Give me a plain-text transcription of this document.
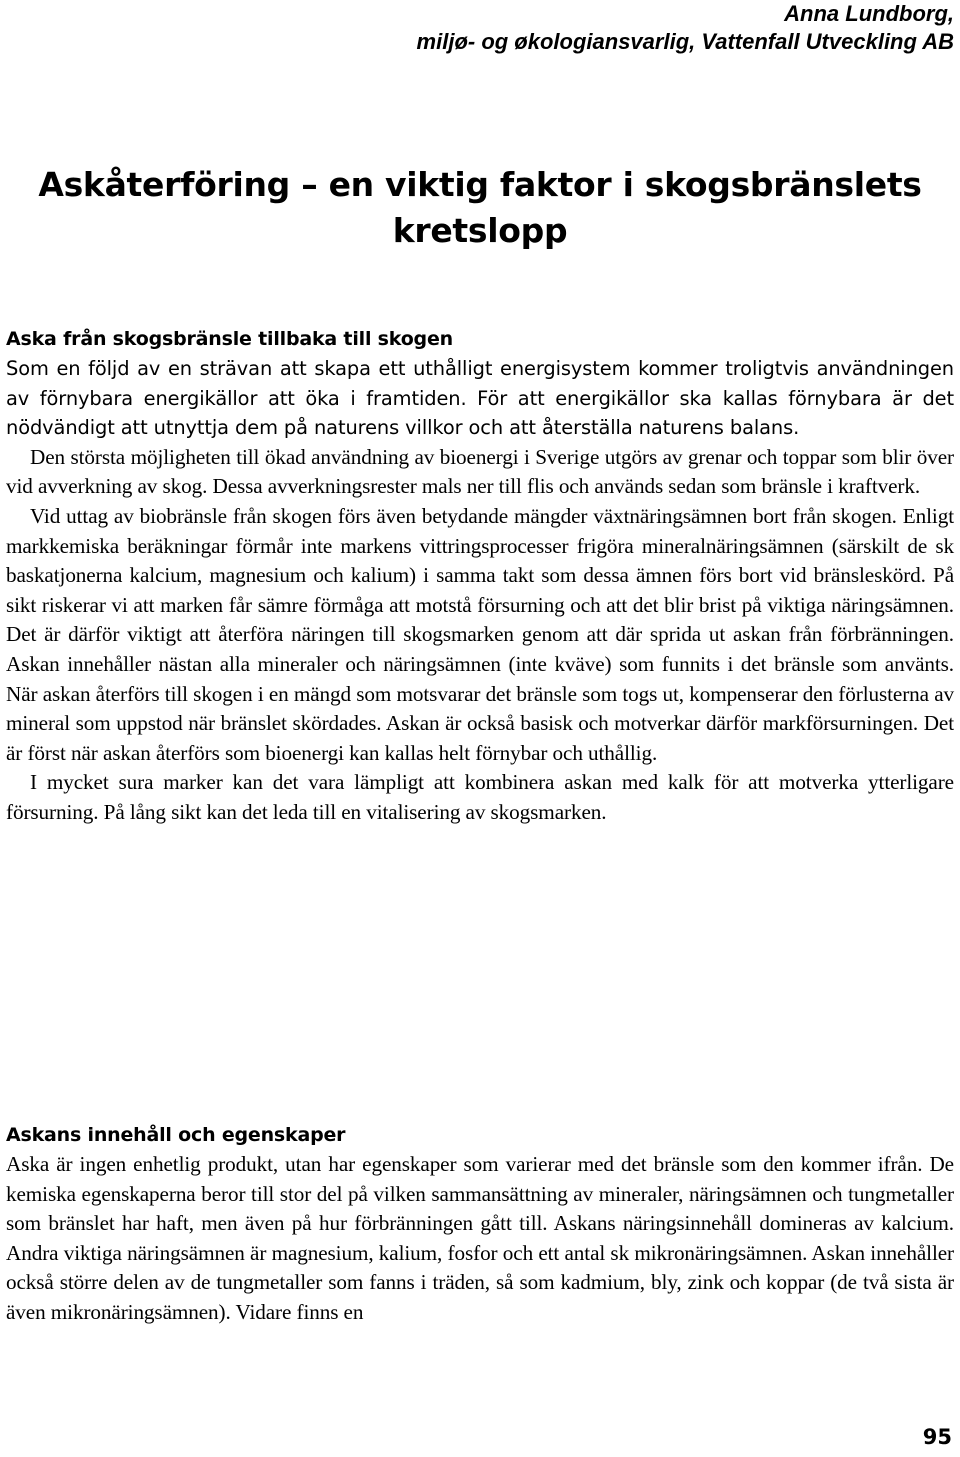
Anna Lundborg,
miljø- og økologiansvarlig, Vattenfall Utveckling AB
Askåterföring – en viktig faktor i skogsbränslets
kretslopp
Aska från skogsbränsle tillbaka till skogen

Som en följd av en strävan att skapa ett uthålligt energisystem kommer troligtvis användningen av förnybara energikällor att öka i framtiden. För att energikällor ska kallas förnybara är det nödvändigt att utnyttja dem på naturens villkor och att återställa naturens balans.

Den största möjligheten till ökad användning av bioenergi i Sverige utgörs av grenar och toppar som blir över vid avverkning av skog. Dessa avverkningsrester mals ner till flis och används sedan som bränsle i kraftverk.

Vid uttag av biobränsle från skogen förs även betydande mängder växtnäringsämnen bort från skogen. Enligt markkemiska beräkningar förmår inte markens vittringsprocesser frigöra mineralnäringsämnen (särskilt de sk baskatjonerna kalcium, magnesium och kalium) i samma takt som dessa ämnen förs bort vid bränsleskörd. På sikt riskerar vi att marken får sämre förmåga att motstå försurning och att det blir brist på viktiga näringsämnen. Det är därför viktigt att återföra näringen till skogsmarken genom att där sprida ut askan från förbränningen. Askan innehåller nästan alla mineraler och näringsämnen (inte kväve) som funnits i det bränsle som använts. När askan återförs till skogen i en mängd som motsvarar det bränsle som togs ut, kompenserar den förlusterna av mineral som uppstod när bränslet skördades. Askan är också basisk och motverkar därför markförsurningen. Det är först när askan återförs som bioenergi kan kallas helt förnybar och uthållig.

I mycket sura marker kan det vara lämpligt att kombinera askan med kalk för att motverka ytterligare försurning. På lång sikt kan det leda till en vitalisering av skogsmarken.

Askans innehåll och egenskaper

Aska är ingen enhetlig produkt, utan har egenskaper som varierar med det bränsle som den kommer ifrån. De kemiska egenskaperna beror till stor del på vilken sammansättning av mineraler, näringsämnen och tungmetaller som bränslet har haft, men även på hur förbränningen gått till. Askans näringsinnehåll domineras av kalcium. Andra viktiga näringsämnen är magnesium, kalium, fosfor och ett antal sk mikronäringsämnen. Askan innehåller också större delen av de tungmetaller som fanns i träden, så som kadmium, bly, zink och koppar (de två sista är även mikronäringsämnen). Vidare finns en

95
